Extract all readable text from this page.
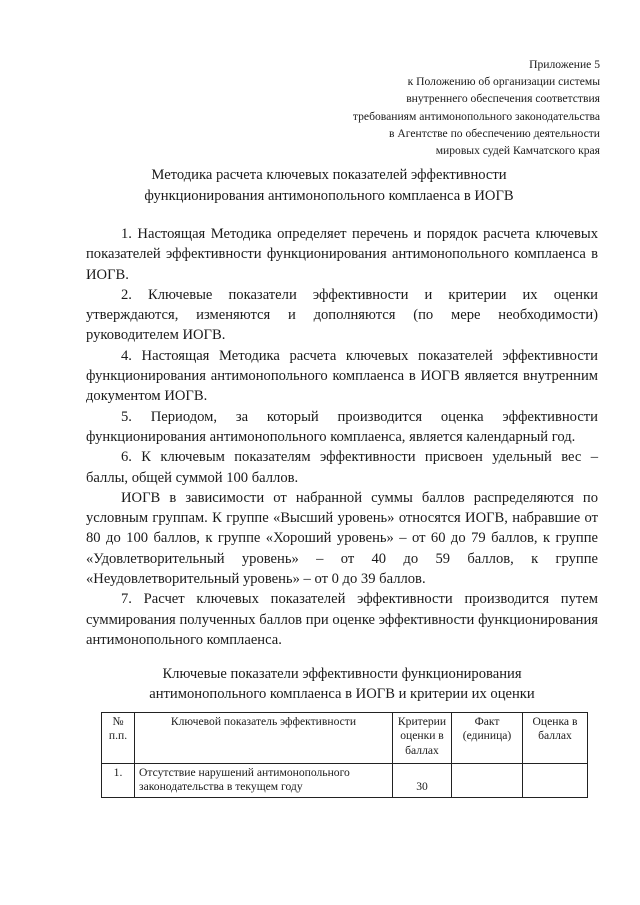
Приложение 5
к Положению об организации системы
внутреннего обеспечения соответствия
требованиям антимонопольного законодательства
в Агентстве по обеспечению деятельности
мировых судей Камчатского края
Методика расчета ключевых показателей эффективности
функционирования антимонопольного комплаенса в ИОГВ

1. Настоящая Методика определяет перечень и порядок расчета ключевых показателей эффективности функционирования антимонопольного комплаенса в ИОГВ.

2. Ключевые показатели эффективности и критерии их оценки утверждаются, изменяются и дополняются (по мере необходимости) руководителем ИОГВ.

4. Настоящая Методика расчета ключевых показателей эффективности функционирования антимонопольного комплаенса в ИОГВ является внутренним документом ИОГВ.

5. Периодом, за который производится оценка эффективности функционирования антимонопольного комплаенса, является календарный год.

6. К ключевым показателям эффективности присвоен удельный вес – баллы, общей суммой 100 баллов.

ИОГВ в зависимости от набранной суммы баллов распределяются по условным группам. К группе «Высший уровень» относятся ИОГВ, набравшие от 80 до 100 баллов, к группе «Хороший уровень» – от 60 до 79 баллов, к группе «Удовлетворительный уровень» – от 40 до 59 баллов, к группе «Неудовлетворительный уровень» – от 0 до 39 баллов.

7. Расчет ключевых показателей эффективности производится путем суммирования полученных баллов при оценке эффективности функционирования антимонопольного комплаенса.

Ключевые показатели эффективности функционирования
антимонопольного комплаенса в ИОГВ и критерии их оценки
№ п.п.	Ключевой показатель эффективности	Критерии оценки в баллах	Факт (единица)	Оценка в баллах
1.	Отсутствие нарушений антимонопольного законодательства в текущем году	30		
